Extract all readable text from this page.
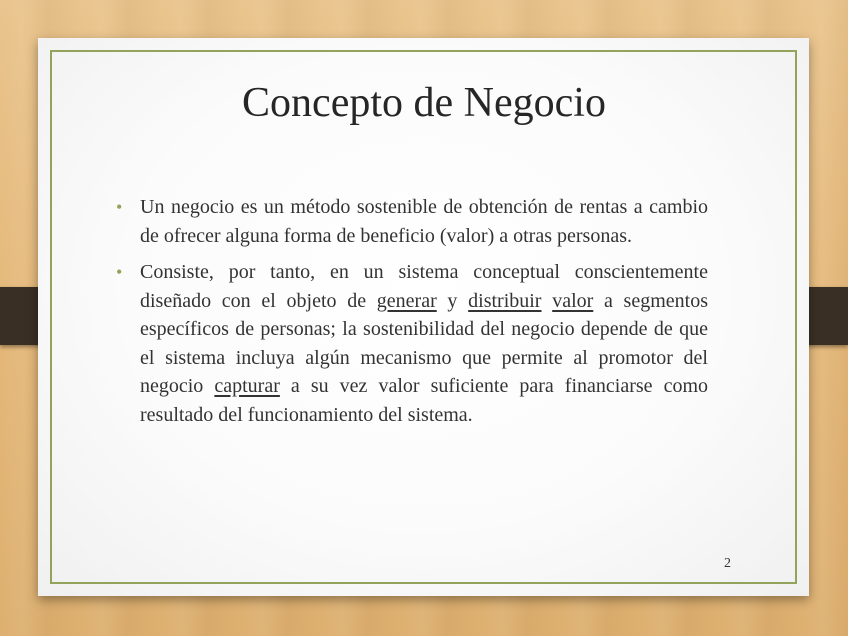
Concepto de Negocio
• Un negocio es un método sostenible de obtención de rentas a cambio de ofrecer alguna forma de beneficio (valor) a otras personas.
• Consiste, por tanto, en un sistema conceptual conscientemente diseñado con el objeto de generar y distribuir valor a segmentos específicos de personas; la sostenibilidad del negocio depende de que el sistema incluya algún mecanismo que permite al promotor del negocio capturar a su vez valor suficiente para financiarse como resultado del funcionamiento del sistema.
2
